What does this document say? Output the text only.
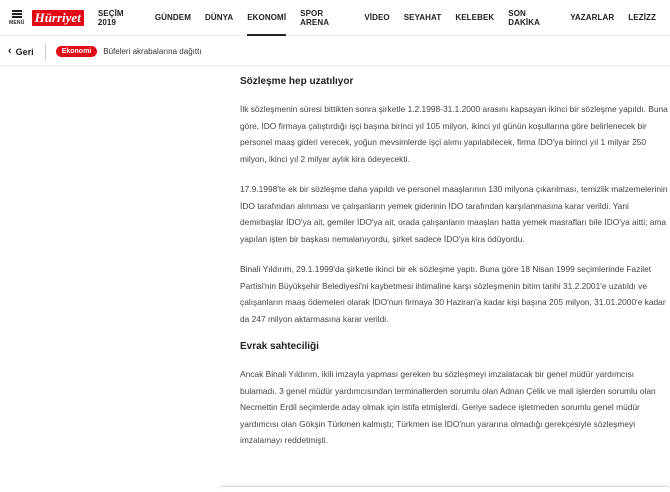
MENÜ Hürriyet	SEÇİM 2019	GÜNDEM DÜNYA EKONOMİ SPOR ARENA	VİDEO SEYAHAT KELEBEK SON DAKİKA	YAZARLAR LEZİZZ
‹ Geri	Ekonomi	Büfeleri akrabalarına dağıttı
Sözleşme hep uzatılıyor

İlk sözleşmenin süresi bittikten sonra şirketle 1.2.1998-31.1.2000 arasını kapsayan ikinci bir sözleşme yapıldı. Buna göre, İDO firmaya çalıştırdığı işçi başına birinci yıl 105 milyon, ikinci yıl günün koşullarına göre belirlenecek bir personel maaş gideri verecek, yoğun mevsimlerde işçi alımı yapılabilecek, firma İDO'ya birinci yıl 1 milyar 250 milyon, ikinci yıl 2 milyar aylık kira ödeyecekti.

17.9.1998'te ek bir sözleşme daha yapıldı ve personel maaşlarının 130 milyona çıkarılması, temizlik malzemelerinin İDO tarafından alınması ve çalışanların yemek giderinin İDO tarafından karşılanmasına karar verildi. Yani demirbaşlar İDO'ya ait, gemiler İDO'ya ait, orada çalışanların maaşları hatta yemek masrafları bile İDO'ya aitti; ama yapılan işten bir başkası nemalanıyordu, şirket sadece İDO'ya kira ödüyordu.

Binali Yıldırım, 29.1.1999'da şirketle ikinci bir ek sözleşme yaptı. Buna göre 18 Nisan 1999 seçimlerinde Fazilet Partisi'nin Büyükşehir Belediyesi'ni kaybetmesi ihtimaline karşı sözleşmenin bitim tarihi 31.2.2001'e uzatıldı ve çalışanların maaş ödemeleri olarak İDO'nun firmaya 30 Haziran'a kadar kişi başına 205 milyon, 31.01.2000'e kadar da 247 milyon aktarmasına karar verildi.

Evrak sahteciliği

Ancak Binali Yıldırım, ikili imzayla yapması gereken bu sözleşmeyi imzalatacak bir genel müdür yardımcısı bulamadı. 3 genel müdür yardımcısından terminallerden sorumlu olan Adnan Çelik ve mali işlerden sorumlu olan Necmettin Erdil seçimlerde aday olmak için istifa etmişlerdi. Geriye sadece işletmeden sorumlu genel müdür yardımcısı olan Gökşin Türkmen kalmıştı; Türkmen ise İDO'nun yararına olmadığı gerekçesiyle sözleşmeyi imzalamayı reddetmişti.
